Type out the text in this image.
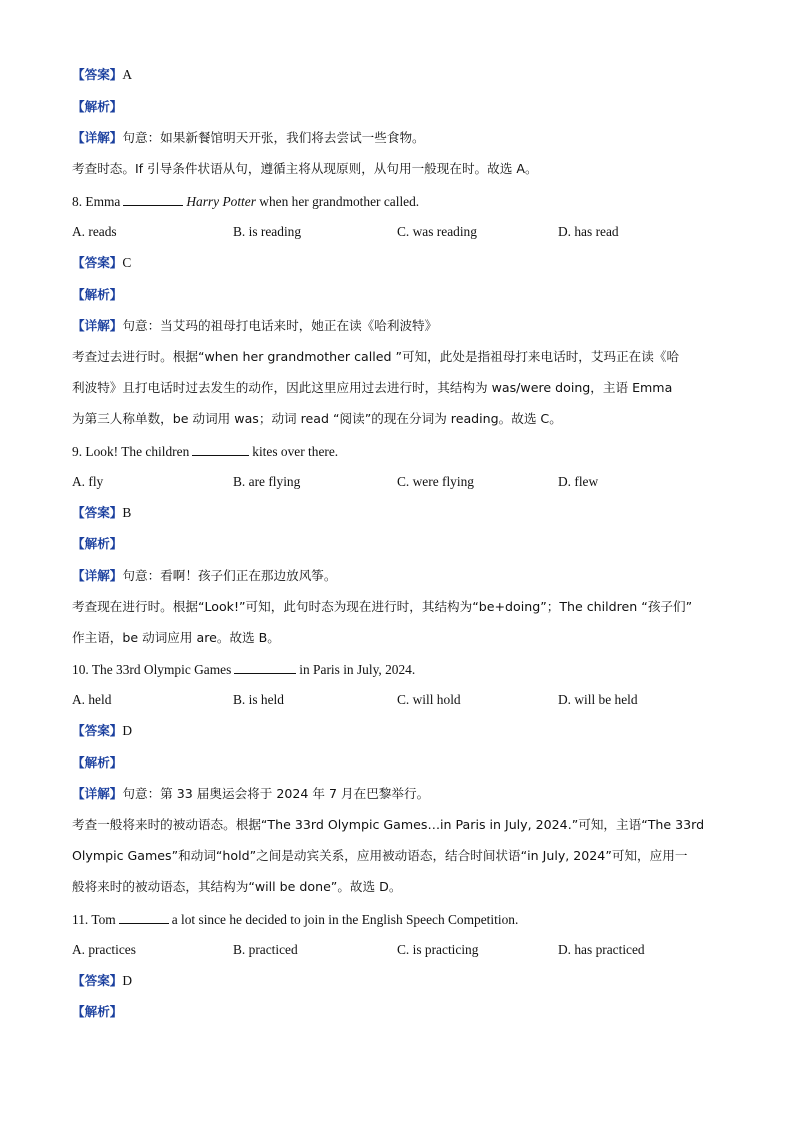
【答案】A
【解析】
【详解】句意：如果新餐馆明天开张，我们将去尝试一些食物。
考查时态。If 引导条件状语从句，遵循主将从现原则，从句用一般现在时。故选 A。
8. Emma	Harry Potter when her grandmother called.
A. reads	B. is reading	C. was reading	D. has read
【答案】C
【解析】
【详解】句意：当艾玛的祖母打电话来时，她正在读《哈利波特》
考查过去进行时。根据“when her grandmother called ”可知，此处是指祖母打来电话时，艾玛正在读《哈
利波特》且打电话时过去发生的动作，因此这里应用过去进行时，其结构为 was/were doing，主语 Emma
为第三人称单数，be 动词用 was；动词 read “阅读”的现在分词为 reading。故选 C。
9. Look! The children	kites over there.
A. fly	B. are flying	C. were flying	D. flew
【答案】B
【解析】
【详解】句意：看啊！孩子们正在那边放风筝。
考查现在进行时。根据“Look!”可知，此句时态为现在进行时，其结构为“be+doing”；The children “孩子们”
作主语，be 动词应用 are。故选 B。
10. The 33rd Olympic Games	in Paris in July, 2024.
A. held	B. is held	C. will hold	D. will be held
【答案】D
【解析】
【详解】句意：第 33 届奥运会将于 2024 年 7 月在巴黎举行。
考查一般将来时的被动语态。根据“The 33rd Olympic Games…in Paris in July, 2024.”可知，主语“The 33rd
Olympic Games”和动词“hold”之间是动宾关系，应用被动语态，结合时间状语“in July, 2024”可知，应用一
般将来时的被动语态，其结构为“will be done”。故选 D。
11. Tom	a lot since he decided to join in the English Speech Competition.
A. practices	B. practiced	C. is practicing	D. has practiced
【答案】D
【解析】
